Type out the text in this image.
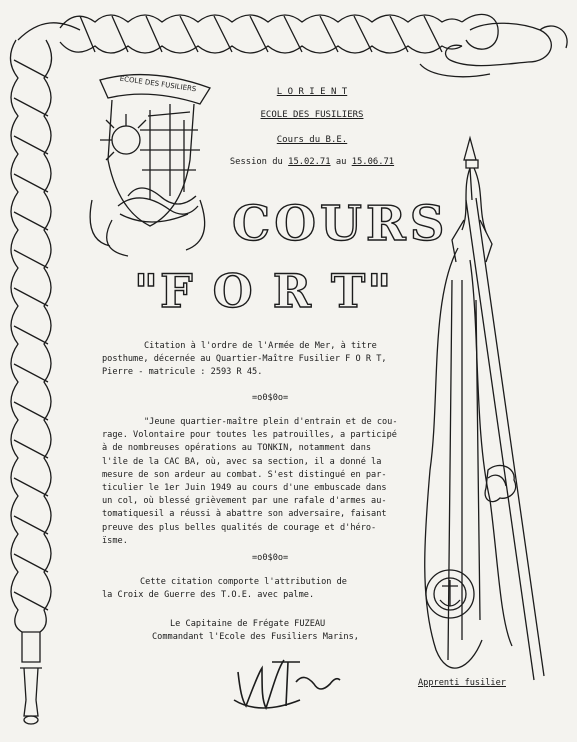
ECOLE DES FUSILIERS	L O R I E N T
ECOLE DES FUSILIERS
Cours du B.E.
Session du 15.02.71 au 15.06.71
COURS
"F O R T"
Citation à l'ordre de l'Armée de Mer, à titre
posthume, décernée au Quartier-Maître Fusilier F O R T,
Pierre - matricule : 2593 R 45.
=o0$0o=
"Jeune quartier-maître plein d'entrain et de cou-
rage. Volontaire pour toutes les patrouilles, a participé
à de nombreuses opérations au TONKIN, notamment dans
l'île de la CAC BA, où, avec sa section, il a donné la
mesure de son ardeur au combat. S'est distingué en par-
ticulier le 1er Juin 1949 au cours d'une embuscade dans
un col, où blessé grièvement par une rafale d'armes au-
tomatiquesil a réussi à abattre son adversaire, faisant
preuve des plus belles qualités de courage et d'héro-
ïsme.
=o0$0o=
Cette citation comporte l'attribution de
la Croix de Guerre des T.O.E. avec palme.
Le Capitaine de Frégate FUZEAU
Commandant l'Ecole des Fusiliers Marins,
Apprenti fusilier
